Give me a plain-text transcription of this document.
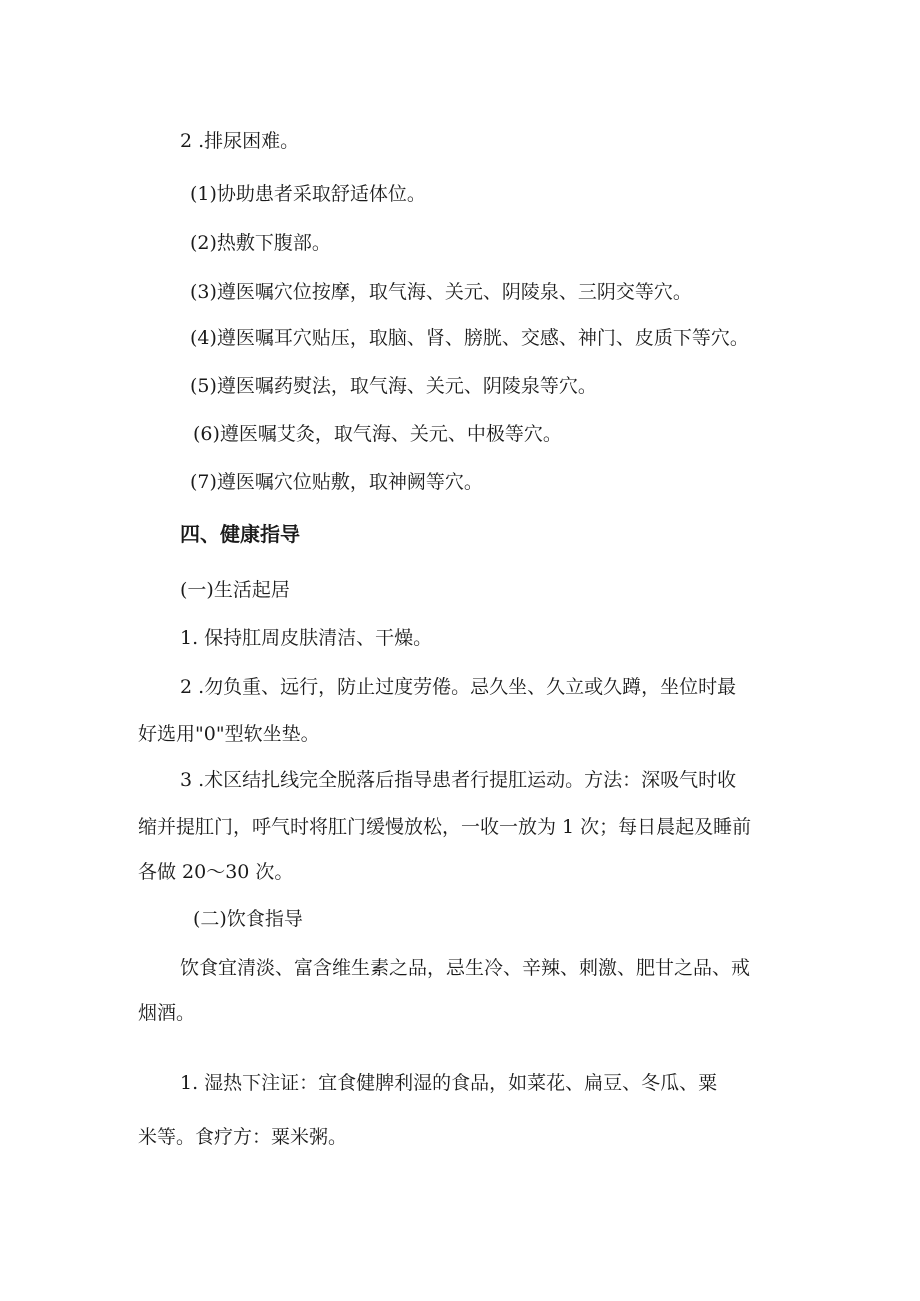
2 .排尿困难。

(1)协助患者采取舒适体位。

(2)热敷下腹部。

(3)遵医嘱穴位按摩，取气海、关元、阴陵泉、三阴交等穴。

(4)遵医嘱耳穴贴压，取脑、肾、膀胱、交感、神门、皮质下等穴。

(5)遵医嘱药熨法，取气海、关元、阴陵泉等穴。

(6)遵医嘱艾灸，取气海、关元、中极等穴。

(7)遵医嘱穴位贴敷，取神阙等穴。

四、健康指导

(一)生活起居

1. 保持肛周皮肤清洁、干燥。

2 .勿负重、远行，防止过度劳倦。忌久坐、久立或久蹲，坐位时最

好选用"0"型软坐垫。

3 .术区结扎线完全脱落后指导患者行提肛运动。方法：深吸气时收

缩并提肛门，呼气时将肛门缓慢放松，一收一放为 1 次；每日晨起及睡前

各做 20～30 次。

(二)饮食指导

饮食宜清淡、富含维生素之品，忌生冷、辛辣、刺激、肥甘之品、戒

烟酒。

1. 湿热下注证：宜食健脾利湿的食品，如菜花、扁豆、冬瓜、粟

米等。食疗方：粟米粥。
